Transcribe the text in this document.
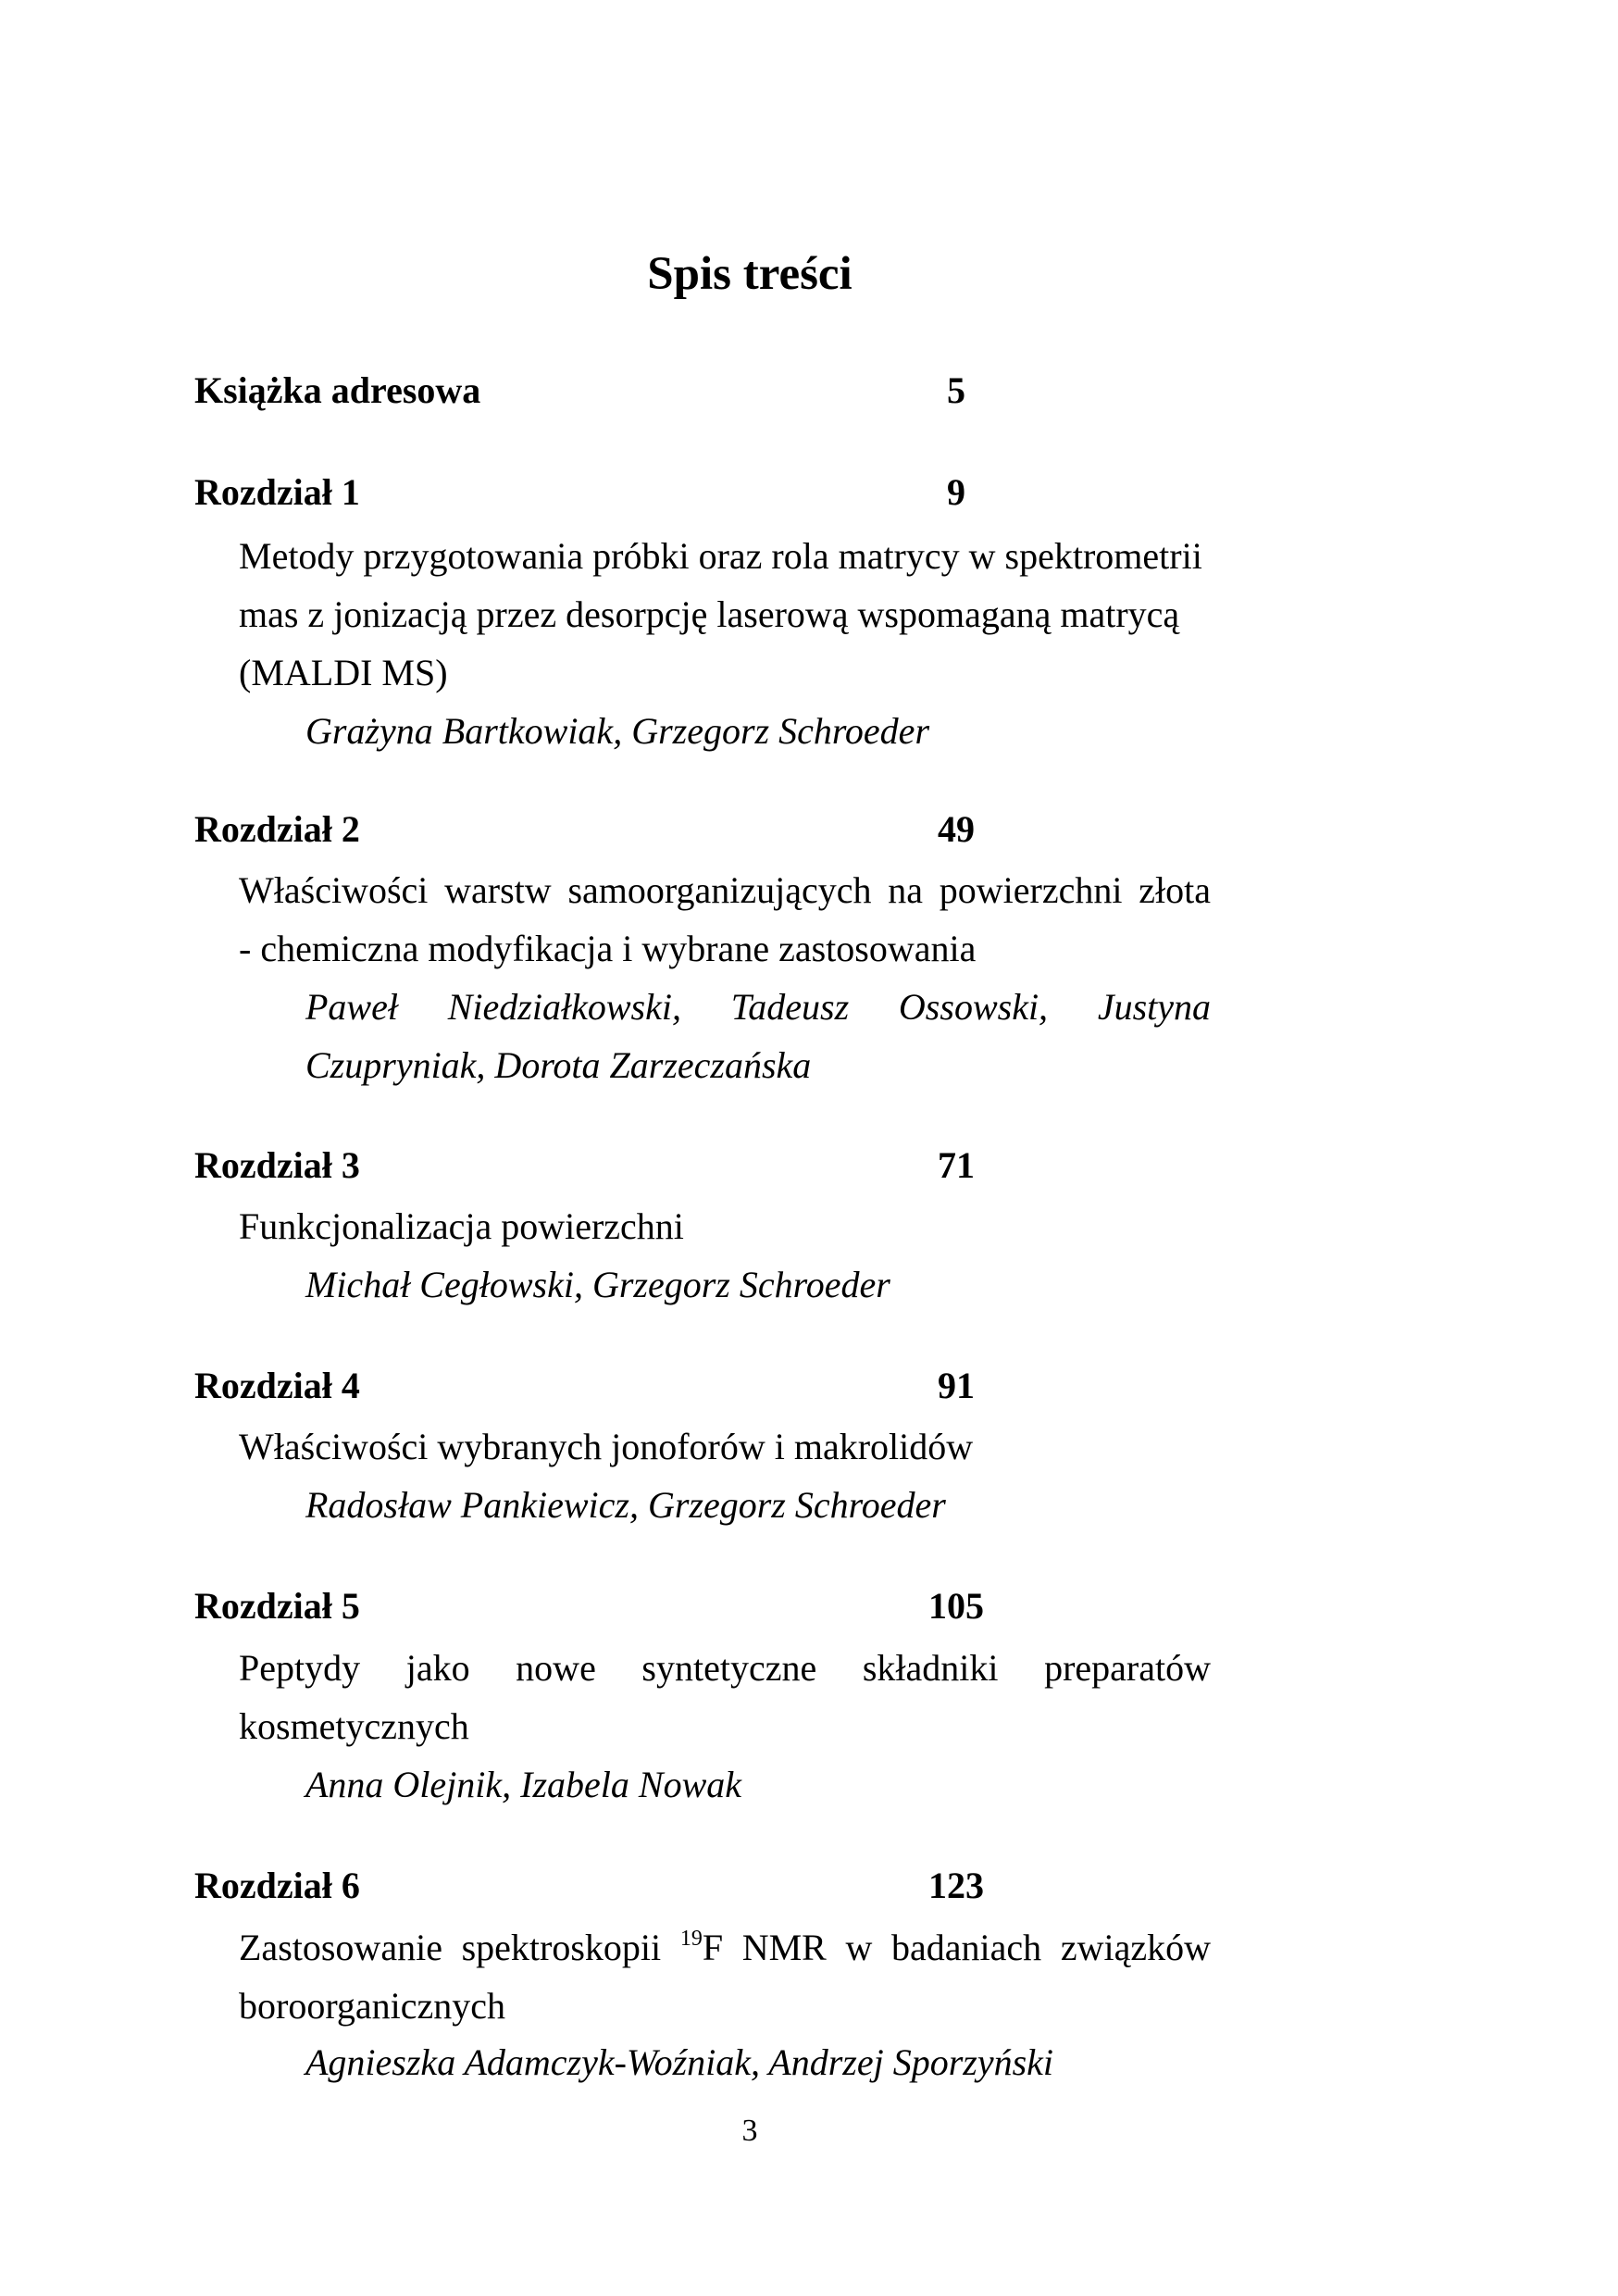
Spis treści
Książka adresowa	5
Rozdział 1	9
Metody przygotowania próbki oraz rola matrycy w spektrometrii
mas z jonizacją przez desorpcję laserową wspomaganą matrycą
(MALDI MS)
Grażyna Bartkowiak, Grzegorz Schroeder
Rozdział 2	49
Właściwości warstw samoorganizujących na powierzchni złota
- chemiczna modyfikacja i wybrane zastosowania
Paweł Niedziałkowski, Tadeusz Ossowski, Justyna
Czupryniak, Dorota Zarzeczańska
Rozdział 3	71
Funkcjonalizacja powierzchni
Michał Cegłowski, Grzegorz Schroeder
Rozdział 4	91
Właściwości wybranych jonoforów i makrolidów
Radosław Pankiewicz, Grzegorz Schroeder
Rozdział 5	105
Peptydy jako nowe syntetyczne składniki preparatów
kosmetycznych
Anna Olejnik, Izabela Nowak
Rozdział 6	123
Zastosowanie spektroskopii $^{19}$F NMR w badaniach związków
boroorganicznych
Agnieszka Adamczyk-Woźniak, Andrzej Sporzyński
3
